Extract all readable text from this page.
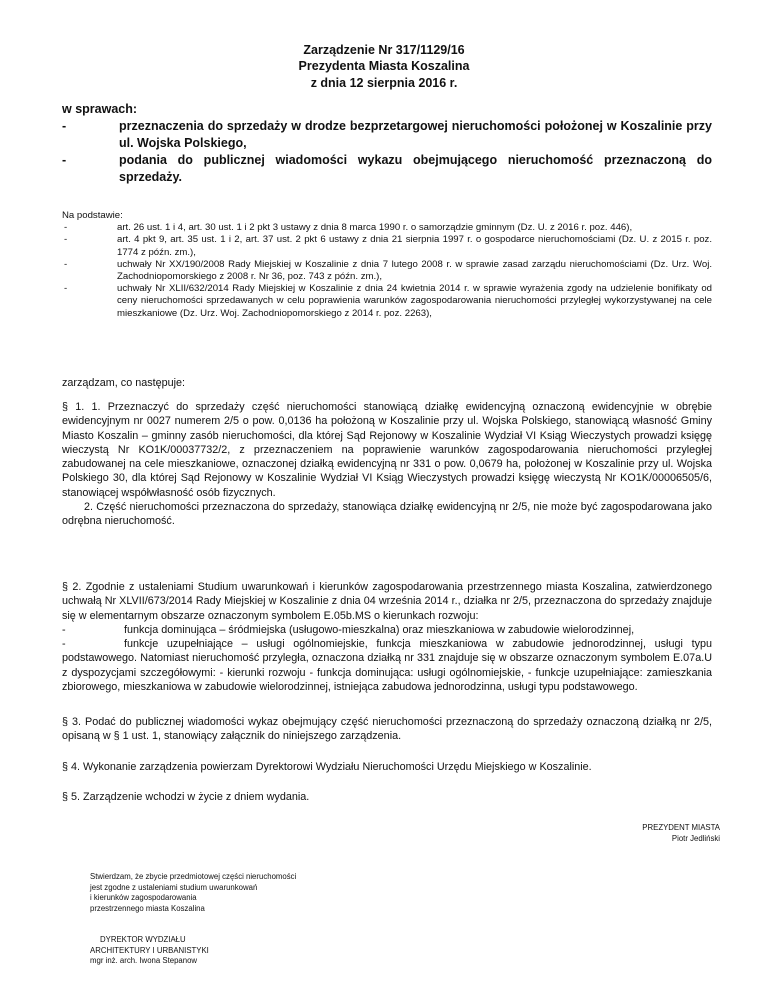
Zarządzenie Nr 317/1129/16
Prezydenta Miasta Koszalina
z dnia 12 sierpnia 2016 r.
w sprawach:
-	przeznaczenia do sprzedaży w drodze bezprzetargowej nieruchomości położonej w Koszalinie przy ul. Wojska Polskiego,
-	podania do publicznej wiadomości wykazu obejmującego nieruchomość przeznaczoną do sprzedaży.
Na podstawie:
-	art. 26 ust. 1 i 4, art. 30 ust. 1 i 2 pkt 3 ustawy z dnia 8 marca 1990 r. o samorządzie gminnym (Dz. U. z 2016 r. poz. 446),
-	art. 4 pkt 9, art. 35 ust. 1 i 2, art. 37 ust. 2 pkt 6 ustawy z dnia 21 sierpnia 1997 r. o gospodarce nieruchomościami (Dz. U. z 2015 r. poz. 1774 z późn. zm.),
-	uchwały Nr XX/190/2008 Rady Miejskiej w Koszalinie z dnia 7 lutego 2008 r. w sprawie zasad zarządu nieruchomościami (Dz. Urz. Woj. Zachodniopomorskiego z 2008 r. Nr 36, poz. 743 z późn. zm.),
-	uchwały Nr XLII/632/2014 Rady Miejskiej w Koszalinie z dnia 24 kwietnia 2014 r. w sprawie wyrażenia zgody na udzielenie bonifikaty od ceny nieruchomości sprzedawanych w celu poprawienia warunków zagospodarowania nieruchomości przyległej wykorzystywanej na cele mieszkaniowe (Dz. Urz. Woj. Zachodniopomorskiego z 2014 r. poz. 2263),
zarządzam, co następuje:
§ 1. 1. Przeznaczyć do sprzedaży część nieruchomości stanowiącą działkę ewidencyjną oznaczoną ewidencyjnie w obrębie ewidencyjnym nr 0027 numerem 2/5 o pow. 0,0136 ha położoną w Koszalinie przy ul. Wojska Polskiego, stanowiącą własność Gminy Miasto Koszalin – gminny zasób nieruchomości, dla której Sąd Rejonowy w Koszalinie Wydział VI Ksiąg Wieczystych prowadzi księgę wieczystą Nr KO1K/00037732/2, z przeznaczeniem na poprawienie warunków zagospodarowania nieruchomości przyległej zabudowanej na cele mieszkaniowe, oznaczonej działką ewidencyjną nr 331 o pow. 0,0679 ha, położonej w Koszalinie przy ul. Wojska Polskiego 30, dla której Sąd Rejonowy w Koszalinie Wydział VI Ksiąg Wieczystych prowadzi księgę wieczystą Nr KO1K/00006505/6, stanowiącej współwłasność osób fizycznych.
2. Część nieruchomości przeznaczona do sprzedaży, stanowiąca działkę ewidencyjną nr 2/5, nie może być zagospodarowana jako odrębna nieruchomość.
§ 2. Zgodnie z ustaleniami Studium uwarunkowań i kierunków zagospodarowania przestrzennego miasta Koszalina, zatwierdzonego uchwałą Nr XLVII/673/2014 Rady Miejskiej w Koszalinie z dnia 04 września 2014 r., działka nr 2/5, przeznaczona do sprzedaży znajduje się w elementarnym obszarze oznaczonym symbolem E.05b.MS o kierunkach rozwoju:
-	funkcja dominująca – śródmiejska (usługowo-mieszkalna) oraz mieszkaniowa w zabudowie wielorodzinnej,
-	funkcje uzupełniające – usługi ogólnomiejskie, funkcja mieszkaniowa w zabudowie jednorodzinnej, usługi typu podstawowego. Natomiast nieruchomość przyległa, oznaczona działką nr 331 znajduje się w obszarze oznaczonym symbolem E.07a.U z dyspozycjami szczegółowymi: - kierunki rozwoju - funkcja dominująca: usługi ogólnomiejskie, - funkcje uzupełniające: zamieszkania zbiorowego, mieszkaniowa w zabudowie wielorodzinnej, istniejąca zabudowa jednorodzinna, usługi typu podstawowego.
§ 3. Podać do publicznej wiadomości wykaz obejmujący część nieruchomości przeznaczoną do sprzedaży oznaczoną działką nr 2/5, opisaną w § 1 ust. 1, stanowiący załącznik do niniejszego zarządzenia.
§ 4. Wykonanie zarządzenia powierzam Dyrektorowi Wydziału Nieruchomości Urzędu Miejskiego w Koszalinie.
§ 5. Zarządzenie wchodzi w życie z dniem wydania.
PREZYDENT MIASTA
Piotr Jedliński
Stwierdzam, że zbycie przedmiotowej części nieruchomości
jest zgodne z ustaleniami studium uwarunkowań
i kierunków zagospodarowania
przestrzennego miasta Koszalina
DYREKTOR WYDZIAŁU
ARCHITEKTURY I URBANISTYKI
mgr inż. arch. Iwona Stepanow
